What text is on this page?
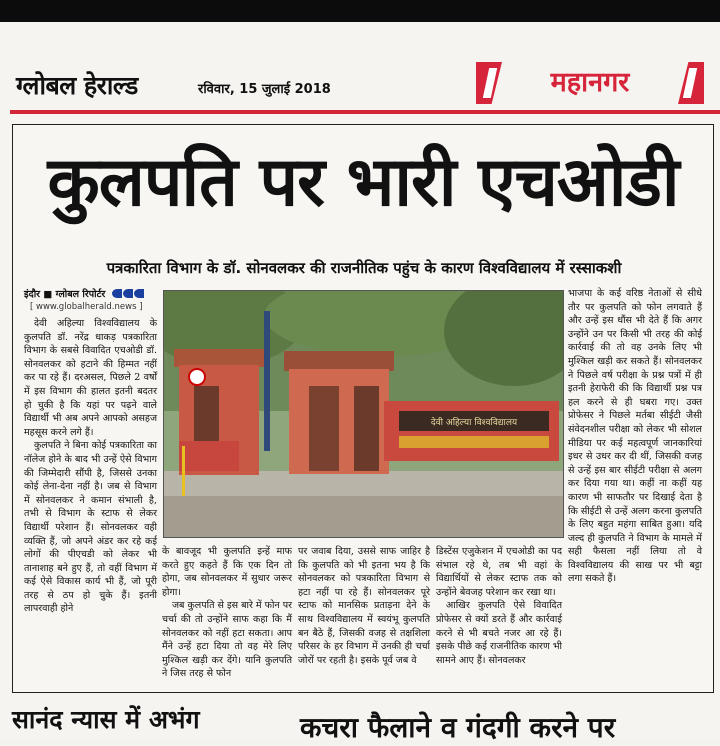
ग्लोबल हेराल्ड	रविवार, 15 जुलाई 2018	महानगर
कुलपति पर भारी एचओडी
पत्रकारिता विभाग के डॉ. सोनवलकर की राजनीतिक पहुंच के कारण विश्वविद्यालय में रस्साकशी
इंदौर ■ ग्लोबल रिपोर्टर
[ www.globalherald.news ]

देवी अहिल्या विश्वविद्यालय के कुलपति डॉ. नरेंद्र धाकड़ पत्रकारिता विभाग के सबसे विवादित एचओडी डॉ. सोनवलकर को हटाने की हिम्मत नहीं कर पा रहे हैं। दरअसल, पिछले 2 वर्षों में इस विभाग की हालत इतनी बदतर हो चुकी है कि यहां पर पढ़ने वाले विद्यार्थी भी अब अपने आपको असहज महसूस करने लगे हैं।

कुलपति ने बिना कोई पत्रकारिता का नॉलेज होने के बाद भी उन्हें ऐसे विभाग की जिम्मेदारी सौंपी है, जिससे उनका कोई लेना-देना नहीं है। जब से विभाग में सोनवलकर ने कमान संभाली है, तभी से विभाग के स्टाफ से लेकर विद्यार्थी परेशान हैं। सोनवलकर वही व्यक्ति हैं, जो अपने अंडर कर रहे कई लोगों की पीएचडी को लेकर भी तानाशाह बने हुए हैं, तो वहीं विभाग में कई ऐसे विकास कार्य भी हैं, जो पूरी तरह से ठप हो चुके हैं। इतनी लापरवाही होने

देवी अहिल्या विश्वविद्यालय

के बावजूद भी कुलपति इन्हें माफ करते हुए कहते हैं कि एक दिन तो होगा, जब सोनवलकर में सुधार जरूर होगा।

जब कुलपति से इस बारे में फोन पर चर्चा की तो उन्होंने साफ कहा कि मैं सोनवलकर को नहीं हटा सकता। आप मैंने उन्हें हटा दिया तो वह मेरे लिए मुश्किल खड़ी कर देंगे। यानि कुलपति ने जिस तरह से फोन

पर जवाब दिया, उससे साफ जाहिर है कि कुलपति को भी इतना भय है कि सोनवलकर को पत्रकारिता विभाग से हटा नहीं पा रहे हैं। सोनवलकर पूरे स्टाफ को मानसिक प्रताड़ना देने के साथ विश्वविद्यालय में स्वयंभू कुलपति बन बैठे हैं, जिसकी वजह से तक्षशिला परिसर के हर विभाग में उनकी ही चर्चा जोरों पर रहती है। इसके पूर्व जब वे

डिस्टेंस एजुकेशन में एचओडी का पद संभाल रहे थे, तब भी वहां के विद्यार्थियों से लेकर स्टाफ तक को उन्होंने बेवजह परेशान कर रखा था।

आखिर कुलपति ऐसे विवादित प्रोफेसर से क्यों डरते हैं और कार्रवाई करने से भी बचते नजर आ रहे हैं। इसके पीछे कई राजनीतिक कारण भी सामने आए हैं। सोनवलकर

भाजपा के कई वरिष्ठ नेताओं से सीधे तौर पर कुलपति को फोन लगवाते हैं और उन्हें इस धौंस भी देते हैं कि अगर उन्होंने उन पर किसी भी तरह की कोई कार्रवाई की तो वह उनके लिए भी मुश्किल खड़ी कर सकते हैं। सोनवलकर ने पिछले वर्ष परीक्षा के प्रश्न पत्रों में ही इतनी हेराफेरी की कि विद्यार्थी प्रश्न पत्र हल करने से ही घबरा गए। उक्त प्रोफेसर ने पिछले मर्तबा सीईटी जैसी संवेदनशील परीक्षा को लेकर भी सोशल मीडिया पर कई महत्वपूर्ण जानकारियां इधर से उधर कर दी थीं, जिसकी वजह से उन्हें इस बार सीईटी परीक्षा से अलग कर दिया गया था। कहीं ना कहीं यह कारण भी साफतौर पर दिखाई देता है कि सीईटी से उन्हें अलग करना कुलपति के लिए बहुत महंगा साबित हुआ। यदि जल्द ही कुलपति ने विभाग के मामले में सही फैसला नहीं लिया तो वे विश्वविद्यालय की साख पर भी बट्टा लगा सकते हैं।

सानंद न्यास में अभंग	कचरा फैलाने व गंदगी करने पर
